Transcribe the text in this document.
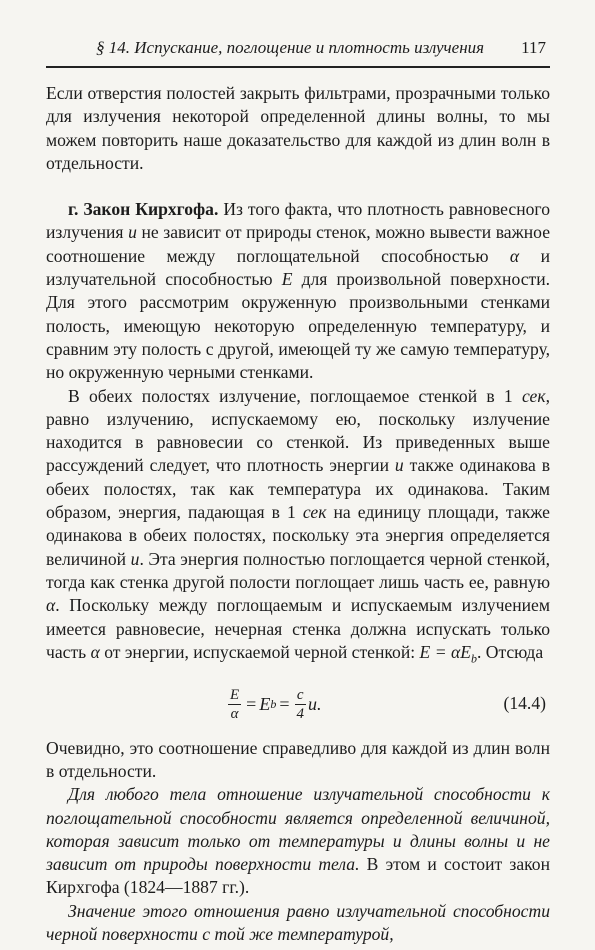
§ 14. Испускание, поглощение и плотность излучения 117

Если отверстия полостей закрыть фильтрами, прозрачными только для излучения некоторой определенной длины волны, то мы можем повторить наше доказательство для каждой из длин волн в отдельности.

г. Закон Кирхгофа. Из того факта, что плотность равновесного излучения u не зависит от природы стенок, можно вывести важное соотношение между поглощательной способностью α и излучательной способностью E для произвольной поверхности. Для этого рассмотрим окруженную произвольными стенками полость, имеющую некоторую определенную температуру, и сравним эту полость с другой, имеющей ту же самую температуру, но окруженную черными стенками.

В обеих полостях излучение, поглощаемое стенкой в 1 сек, равно излучению, испускаемому ею, поскольку излучение находится в равновесии со стенкой. Из приведенных выше рассуждений следует, что плотность энергии u также одинакова в обеих полостях, так как температура их одинакова. Таким образом, энергия, падающая в 1 сек на единицу площади, также одинакова в обеих полостях, поскольку эта энергия определяется величиной u. Эта энергия полностью поглощается черной стенкой, тогда как стенка другой полости поглощает лишь часть ее, равную α. Поскольку между поглощаемым и испускаемым излучением имеется равновесие, нечерная стенка должна испускать только часть α от энергии, испускаемой черной стенкой: $E = \alpha E_b$. Отсюда

$\frac{E}{\alpha} = E$ $b = \frac{c}{4} u$.	(14.4)

Очевидно, это соотношение справедливо для каждой из длин волн в отдельности.

Для любого тела отношение излучательной способности к поглощательной способности является определенной величиной, которая зависит только от температуры и длины волны и не зависит от природы поверхности тела. В этом и состоит закон Кирхгофа (1824—1887 гг.).

Значение этого отношения равно излучательной способности черной поверхности с той же температурой,
